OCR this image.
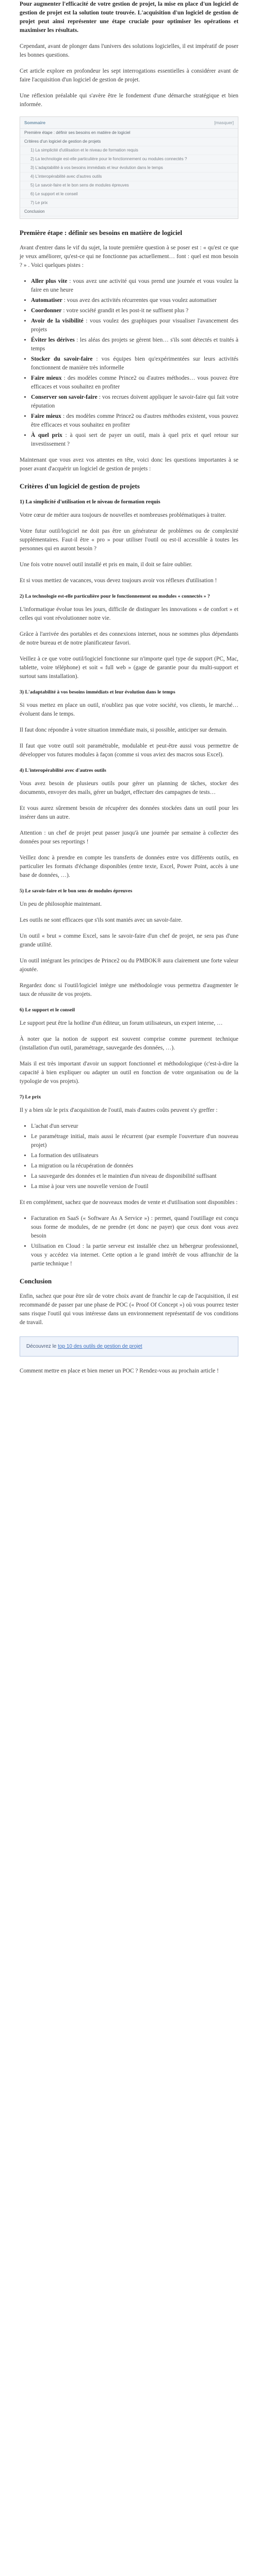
Pour augmenter l'efficacité de votre gestion de projet, la mise en place d'un logiciel de gestion de projet est la solution toute trouvée. L'acquisition d'un logiciel de gestion de projet peut ainsi représenter une étape cruciale pour optimiser les opérations et maximiser les résultats.

Cependant, avant de plonger dans l'univers des solutions logicielles, il est impératif de poser les bonnes questions.

Cet article explore en profondeur les sept interrogations essentielles à considérer avant de faire l'acquisition d'un logiciel de gestion de projet.

Une réflexion préalable qui s'avère être le fondement d'une démarche stratégique et bien informée.

Sommaire	[masquer]
Première étape : définir ses besoins en matière de logiciel
Critères d'un logiciel de gestion de projets
1) La simplicité d'utilisation et le niveau de formation requis
2) La technologie est-elle particulière pour le fonctionnement ou modules connectés ?
3) L'adaptabilité à vos besoins immédiats et leur évolution dans le temps
4) L'interopérabilité avec d'autres outils
5) Le savoir-faire et le bon sens de modules épreuves
6) Le support et le conseil
7) Le prix
Conclusion
Première étape : définir ses besoins en matière de logiciel

Avant d'entrer dans le vif du sujet, la toute première question à se poser est : « qu'est ce que je veux améliorer, qu'est-ce qui ne fonctionne pas actuellement… font : quel est mon besoin ? » . Voici quelques pistes :

• Aller plus vite : vous avez une activité qui vous prend une journée et vous voulez la faire en une heure
• Automatiser : vous avez des activités récurrentes que vous voulez automatiser
• Coordonner : votre société grandit et les post-it ne suffisent plus ?
• Avoir de la visibilité : vous voulez des graphiques pour visualiser l'avancement des projets
• Éviter les dérives : les aléas des projets se gèrent bien… s'ils sont détectés et traités à temps
• Stocker du savoir-faire : vos équipes bien qu'expérimentées sur leurs activités fonctionnent de manière très informelle
• Faire mieux : des modèles comme Prince2 ou d'autres méthodes… vous pouvez être efficaces et vous souhaitez en profiter
• Conserver son savoir-faire : vos recrues doivent appliquer le savoir-faire qui fait votre réputation
• Faire mieux : des modèles comme Prince2 ou d'autres méthodes existent, vous pouvez être efficaces et vous souhaitez en profiter
• À quel prix : à quoi sert de payer un outil, mais à quel prix et quel retour sur investissement ?

Maintenant que vous avez vos attentes en tête, voici donc les questions importantes à se poser avant d'acquérir un logiciel de gestion de projets :

Critères d'un logiciel de gestion de projets
1) La simplicité d'utilisation et le niveau de formation requis

Votre cœur de métier aura toujours de nouvelles et nombreuses problématiques à traiter.

Votre futur outil/logiciel ne doit pas être un générateur de problèmes ou de complexité supplémentaires. Faut-il être « pro » pour utiliser l'outil ou est-il accessible à toutes les personnes qui en auront besoin ?

Une fois votre nouvel outil installé et pris en main, il doit se faire oublier.

Et si vous mettiez de vacances, vous devez toujours avoir vos réflexes d'utilisation !

2) La technologie est-elle particulière pour le fonctionnement ou modules « connectés » ?

L'informatique évolue tous les jours, difficile de distinguer les innovations « de confort » et celles qui vont révolutionner notre vie.

Grâce à l'arrivée des portables et des connexions internet, nous ne sommes plus dépendants de notre bureau et de notre planificateur favori.

Veillez à ce que votre outil/logiciel fonctionne sur n'importe quel type de support (PC, Mac, tablette, voire téléphone) et soit « full web » (gage de garantie pour du multi-support et surtout sans installation).

3) L'adaptabilité à vos besoins immédiats et leur évolution dans le temps

Si vous mettez en place un outil, n'oubliez pas que votre société, vos clients, le marché… évoluent dans le temps.

Il faut donc répondre à votre situation immédiate mais, si possible, anticiper sur demain.

Il faut que votre outil soit paramétrable, modulable et peut-être aussi vous permettre de développer vos futures modules à façon (comme si vous aviez des macros sous Excel).

4) L'interopérabilité avec d'autres outils

Vous avez besoin de plusieurs outils pour gérer un planning de tâches, stocker des documents, envoyer des mails, gérer un budget, effectuer des campagnes de tests…

Et vous aurez sûrement besoin de récupérer des données stockées dans un outil pour les insérer dans un autre.

Attention : un chef de projet peut passer jusqu'à une journée par semaine à collecter des données pour ses reportings !

Veillez donc à prendre en compte les transferts de données entre vos différents outils, en particulier les formats d'échange disponibles (entre texte, Excel, Power Point, accès à une base de données, …).

5) Le savoir-faire et le bon sens de modules épreuves

Un peu de philosophie maintenant.

Les outils ne sont efficaces que s'ils sont maniés avec un savoir-faire.

Un outil « brut » comme Excel, sans le savoir-faire d'un chef de projet, ne sera pas d'une grande utilité.

Un outil intégrant les principes de Prince2 ou du PMBOK® aura clairement une forte valeur ajoutée.

Regardez donc si l'outil/logiciel intègre une méthodologie vous permettra d'augmenter le taux de réussite de vos projets.

6) Le support et le conseil

Le support peut être la hotline d'un éditeur, un forum utilisateurs, un expert interne, …

À noter que la notion de support est souvent comprise comme purement technique (installation d'un outil, paramétrage, sauvegarde des données, …).

Mais il est très important d'avoir un support fonctionnel et méthodologique (c'est-à-dire la capacité à bien expliquer ou adapter un outil en fonction de votre organisation ou de la typologie de vos projets).

7) Le prix

Il y a bien sûr le prix d'acquisition de l'outil, mais d'autres coûts peuvent s'y greffer :

• L'achat d'un serveur
• Le paramétrage initial, mais aussi le récurrent (par exemple l'ouverture d'un nouveau projet)
• La formation des utilisateurs
• La migration ou la récupération de données
• La sauvegarde des données et le maintien d'un niveau de disponibilité suffisant
• La mise à jour vers une nouvelle version de l'outil

Et en complément, sachez que de nouveaux modes de vente et d'utilisation sont disponibles :

• Facturation en SaaS (« Software As A Service ») : permet, quand l'outillage est conçu sous forme de modules, de ne prendre (et donc ne payer) que ceux dont vous avez besoin
• Utilisation en Cloud : la partie serveur est installée chez un hébergeur professionnel, vous y accédez via internet. Cette option a le grand intérêt de vous affranchir de la partie technique !
Conclusion

Enfin, sachez que pour être sûr de votre choix avant de franchir le cap de l'acquisition, il est recommandé de passer par une phase de POC (« Proof Of Concept ») où vous pourrez tester sans risque l'outil qui vous intéresse dans un environnement représentatif de vos conditions de travail.

Découvrez le top 10 des outils de gestion de projet

Comment mettre en place et bien mener un POC ? Rendez-vous au prochain article !
